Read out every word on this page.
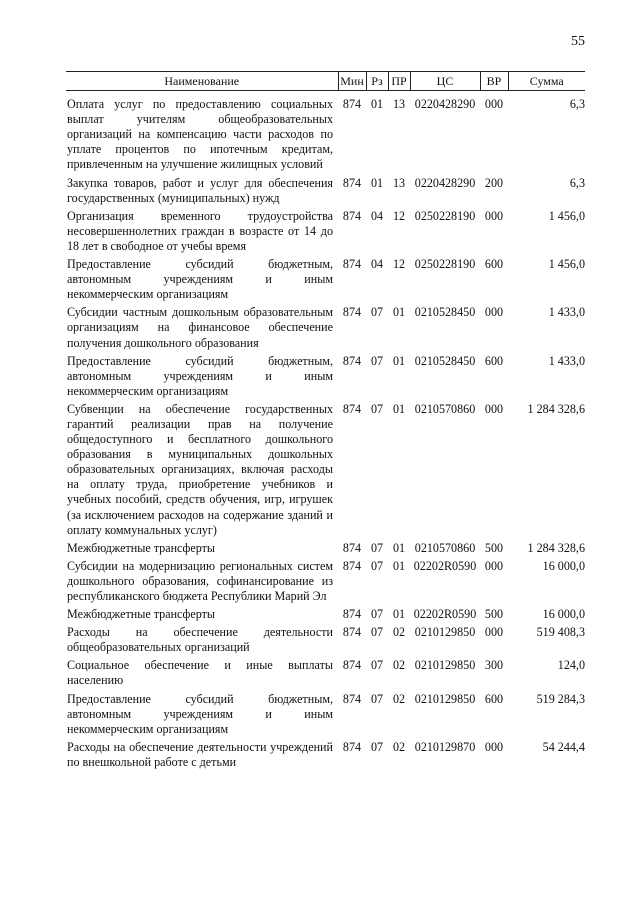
55
Наименование	Мин	Рз	ПР	ЦС	ВР	Сумма
Оплата услуг по предоставлению социальных выплат учителям общеобразовательных организаций на компенсацию части расходов по уплате процентов по ипотечным кредитам, привлеченным на улучшение жилищных условий	874	01	13	0220428290	000	6,3
Закупка товаров, работ и услуг для обеспечения государственных (муниципальных) нужд	874	01	13	0220428290	200	6,3
Организация временного трудоустройства несовершеннолетних граждан в возрасте от 14 до 18 лет в свободное от учебы время	874	04	12	0250228190	000	1 456,0
Предоставление субсидий бюджетным, автономным учреждениям и иным некоммерческим организациям	874	04	12	0250228190	600	1 456,0
Субсидии частным дошкольным образовательным организациям на финансовое обеспечение получения дошкольного образования	874	07	01	0210528450	000	1 433,0
Предоставление субсидий бюджетным, автономным учреждениям и иным некоммерческим организациям	874	07	01	0210528450	600	1 433,0
Субвенции на обеспечение государственных гарантий реализации прав на получение общедоступного и бесплатного дошкольного образования в муниципальных дошкольных образовательных организациях, включая расходы на оплату труда, приобретение учебников и учебных пособий, средств обучения, игр, игрушек (за исключением расходов на содержание зданий и оплату коммунальных услуг)	874	07	01	0210570860	000	1 284 328,6
Межбюджетные трансферты	874	07	01	0210570860	500	1 284 328,6
Субсидии на модернизацию региональных систем дошкольного образования, софинансирование из республиканского бюджета Республики Марий Эл	874	07	01	02202R0590	000	16 000,0
Межбюджетные трансферты	874	07	01	02202R0590	500	16 000,0
Расходы на обеспечение деятельности общеобразовательных организаций	874	07	02	0210129850	000	519 408,3
Социальное обеспечение и иные выплаты населению	874	07	02	0210129850	300	124,0
Предоставление субсидий бюджетным, автономным учреждениям и иным некоммерческим организациям	874	07	02	0210129850	600	519 284,3
Расходы на обеспечение деятельности учреждений по внешкольной работе с детьми	874	07	02	0210129870	000	54 244,4
